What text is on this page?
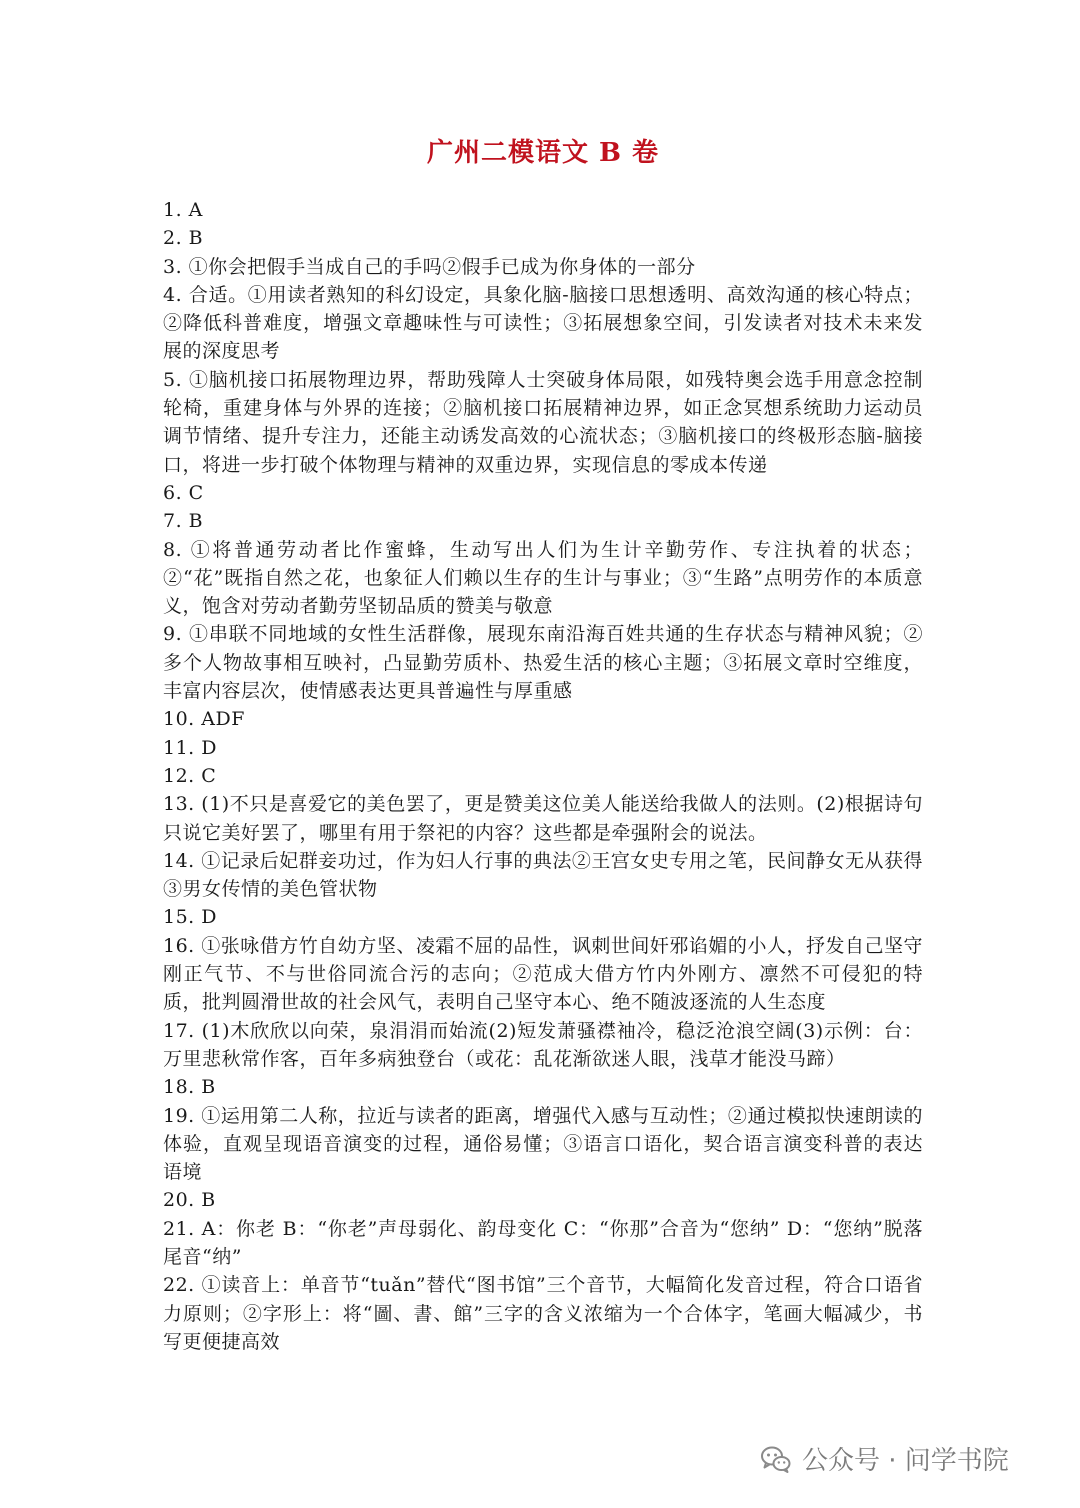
广州二模语文 B 卷
1. A
2. B
3. ①你会把假手当成自己的手吗②假手已成为你身体的一部分
4. 合适。①用读者熟知的科幻设定，具象化脑-脑接口思想透明、高效沟通的核心特点；②降低科普难度，增强文章趣味性与可读性；③拓展想象空间，引发读者对技术未来发展的深度思考
5. ①脑机接口拓展物理边界，帮助残障人士突破身体局限，如残特奥会选手用意念控制轮椅，重建身体与外界的连接；②脑机接口拓展精神边界，如正念冥想系统助力运动员调节情绪、提升专注力，还能主动诱发高效的心流状态；③脑机接口的终极形态脑-脑接口，将进一步打破个体物理与精神的双重边界，实现信息的零成本传递
6. C
7. B
8. ①将普通劳动者比作蜜蜂，生动写出人们为生计辛勤劳作、专注执着的状态；②“花”既指自然之花，也象征人们赖以生存的生计与事业；③“生路”点明劳作的本质意义，饱含对劳动者勤劳坚韧品质的赞美与敬意
9. ①串联不同地域的女性生活群像，展现东南沿海百姓共通的生存状态与精神风貌；②多个人物故事相互映衬，凸显勤劳质朴、热爱生活的核心主题；③拓展文章时空维度，丰富内容层次，使情感表达更具普遍性与厚重感
10. ADF
11. D
12. C
13. (1)不只是喜爱它的美色罢了，更是赞美这位美人能送给我做人的法则。(2)根据诗句只说它美好罢了，哪里有用于祭祀的内容？这些都是牵强附会的说法。
14. ①记录后妃群妾功过，作为妇人行事的典法②王宫女史专用之笔，民间静女无从获得③男女传情的美色管状物
15. D
16. ①张咏借方竹自幼方坚、凌霜不屈的品性，讽刺世间奸邪谄媚的小人，抒发自己坚守刚正气节、不与世俗同流合污的志向；②范成大借方竹内外刚方、凛然不可侵犯的特质，批判圆滑世故的社会风气，表明自己坚守本心、绝不随波逐流的人生态度
17. (1)木欣欣以向荣，泉涓涓而始流(2)短发萧骚襟袖冷，稳泛沧浪空阔(3)示例：台：万里悲秋常作客，百年多病独登台（或花：乱花渐欲迷人眼，浅草才能没马蹄）
18. B
19. ①运用第二人称，拉近与读者的距离，增强代入感与互动性；②通过模拟快速朗读的体验，直观呈现语音演变的过程，通俗易懂；③语言口语化，契合语言演变科普的表达语境
20. B
21. A：你老 B：“你老”声母弱化、韵母变化 C：“你那”合音为“您纳” D：“您纳”脱落尾音“纳”
22. ①读音上：单音节“tuǎn”替代“图书馆”三个音节，大幅简化发音过程，符合口语省力原则；②字形上：将“圖、書、館”三字的含义浓缩为一个合体字，笔画大幅减少，书写更便捷高效
公众号 · 问学书院
